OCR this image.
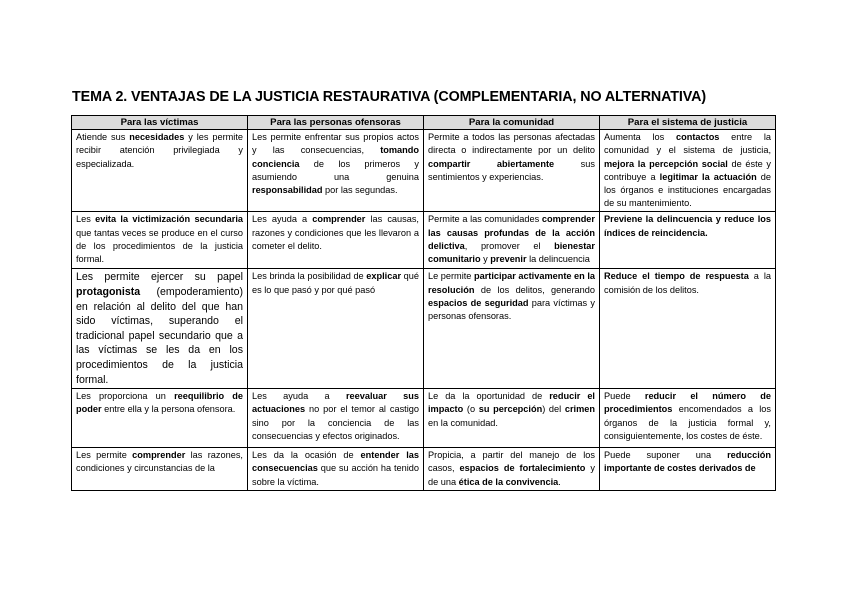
TEMA 2. VENTAJAS DE LA JUSTICIA RESTAURATIVA (COMPLEMENTARIA, NO ALTERNATIVA)
Para las víctimas	Para las personas ofensoras	Para la comunidad	Para el sistema de justicia
Atiende sus necesidades y les permite recibir atención privilegiada y especializada.	Les permite enfrentar sus propios actos y las consecuencias, tomando conciencia de los primeros y asumiendo una genuina responsabilidad por las segundas.	Permite a todos las personas afectadas directa o indirectamente por un delito compartir abiertamente sus sentimientos y experiencias.	Aumenta los contactos entre la comunidad y el sistema de justicia, mejora la percepción social de éste y contribuye a legitimar la actuación de los órganos e instituciones encargadas de su mantenimiento.
Les evita la victimización secundaria que tantas veces se produce en el curso de los procedimientos de la justicia formal.	Les ayuda a comprender las causas, razones y condiciones que les llevaron a cometer el delito.	Permite a las comunidades comprender las causas profundas de la acción delictiva, promover el bienestar comunitario y prevenir la delincuencia	Previene la delincuencia y reduce los índices de reincidencia.
Les permite ejercer su papel protagonista (empoderamiento) en relación al delito del que han sido víctimas, superando el tradicional papel secundario que a las víctimas se les da en los procedimientos de la justicia formal.	Les brinda la posibilidad de explicar qué es lo que pasó y por qué pasó	Le permite participar activamente en la resolución de los delitos, generando espacios de seguridad para víctimas y personas ofensoras.	Reduce el tiempo de respuesta a la comisión de los delitos.
Les proporciona un reequilibrio de poder entre ella y la persona ofensora.	Les ayuda a reevaluar sus actuaciones no por el temor al castigo sino por la conciencia de las consecuencias y efectos originados.	Le da la oportunidad de reducir el impacto (o su percepción) del crimen en la comunidad.	Puede reducir el número de procedimientos encomendados a los órganos de la justicia formal y, consiguientemente, los costes de éste.
Les permite comprender las razones, condiciones y circunstancias de la	Les da la ocasión de entender las consecuencias que su acción ha tenido sobre la víctima.	Propicia, a partir del manejo de los casos, espacios de fortalecimiento y de una ética de la convivencia.	Puede suponer una reducción importante de costes derivados de
